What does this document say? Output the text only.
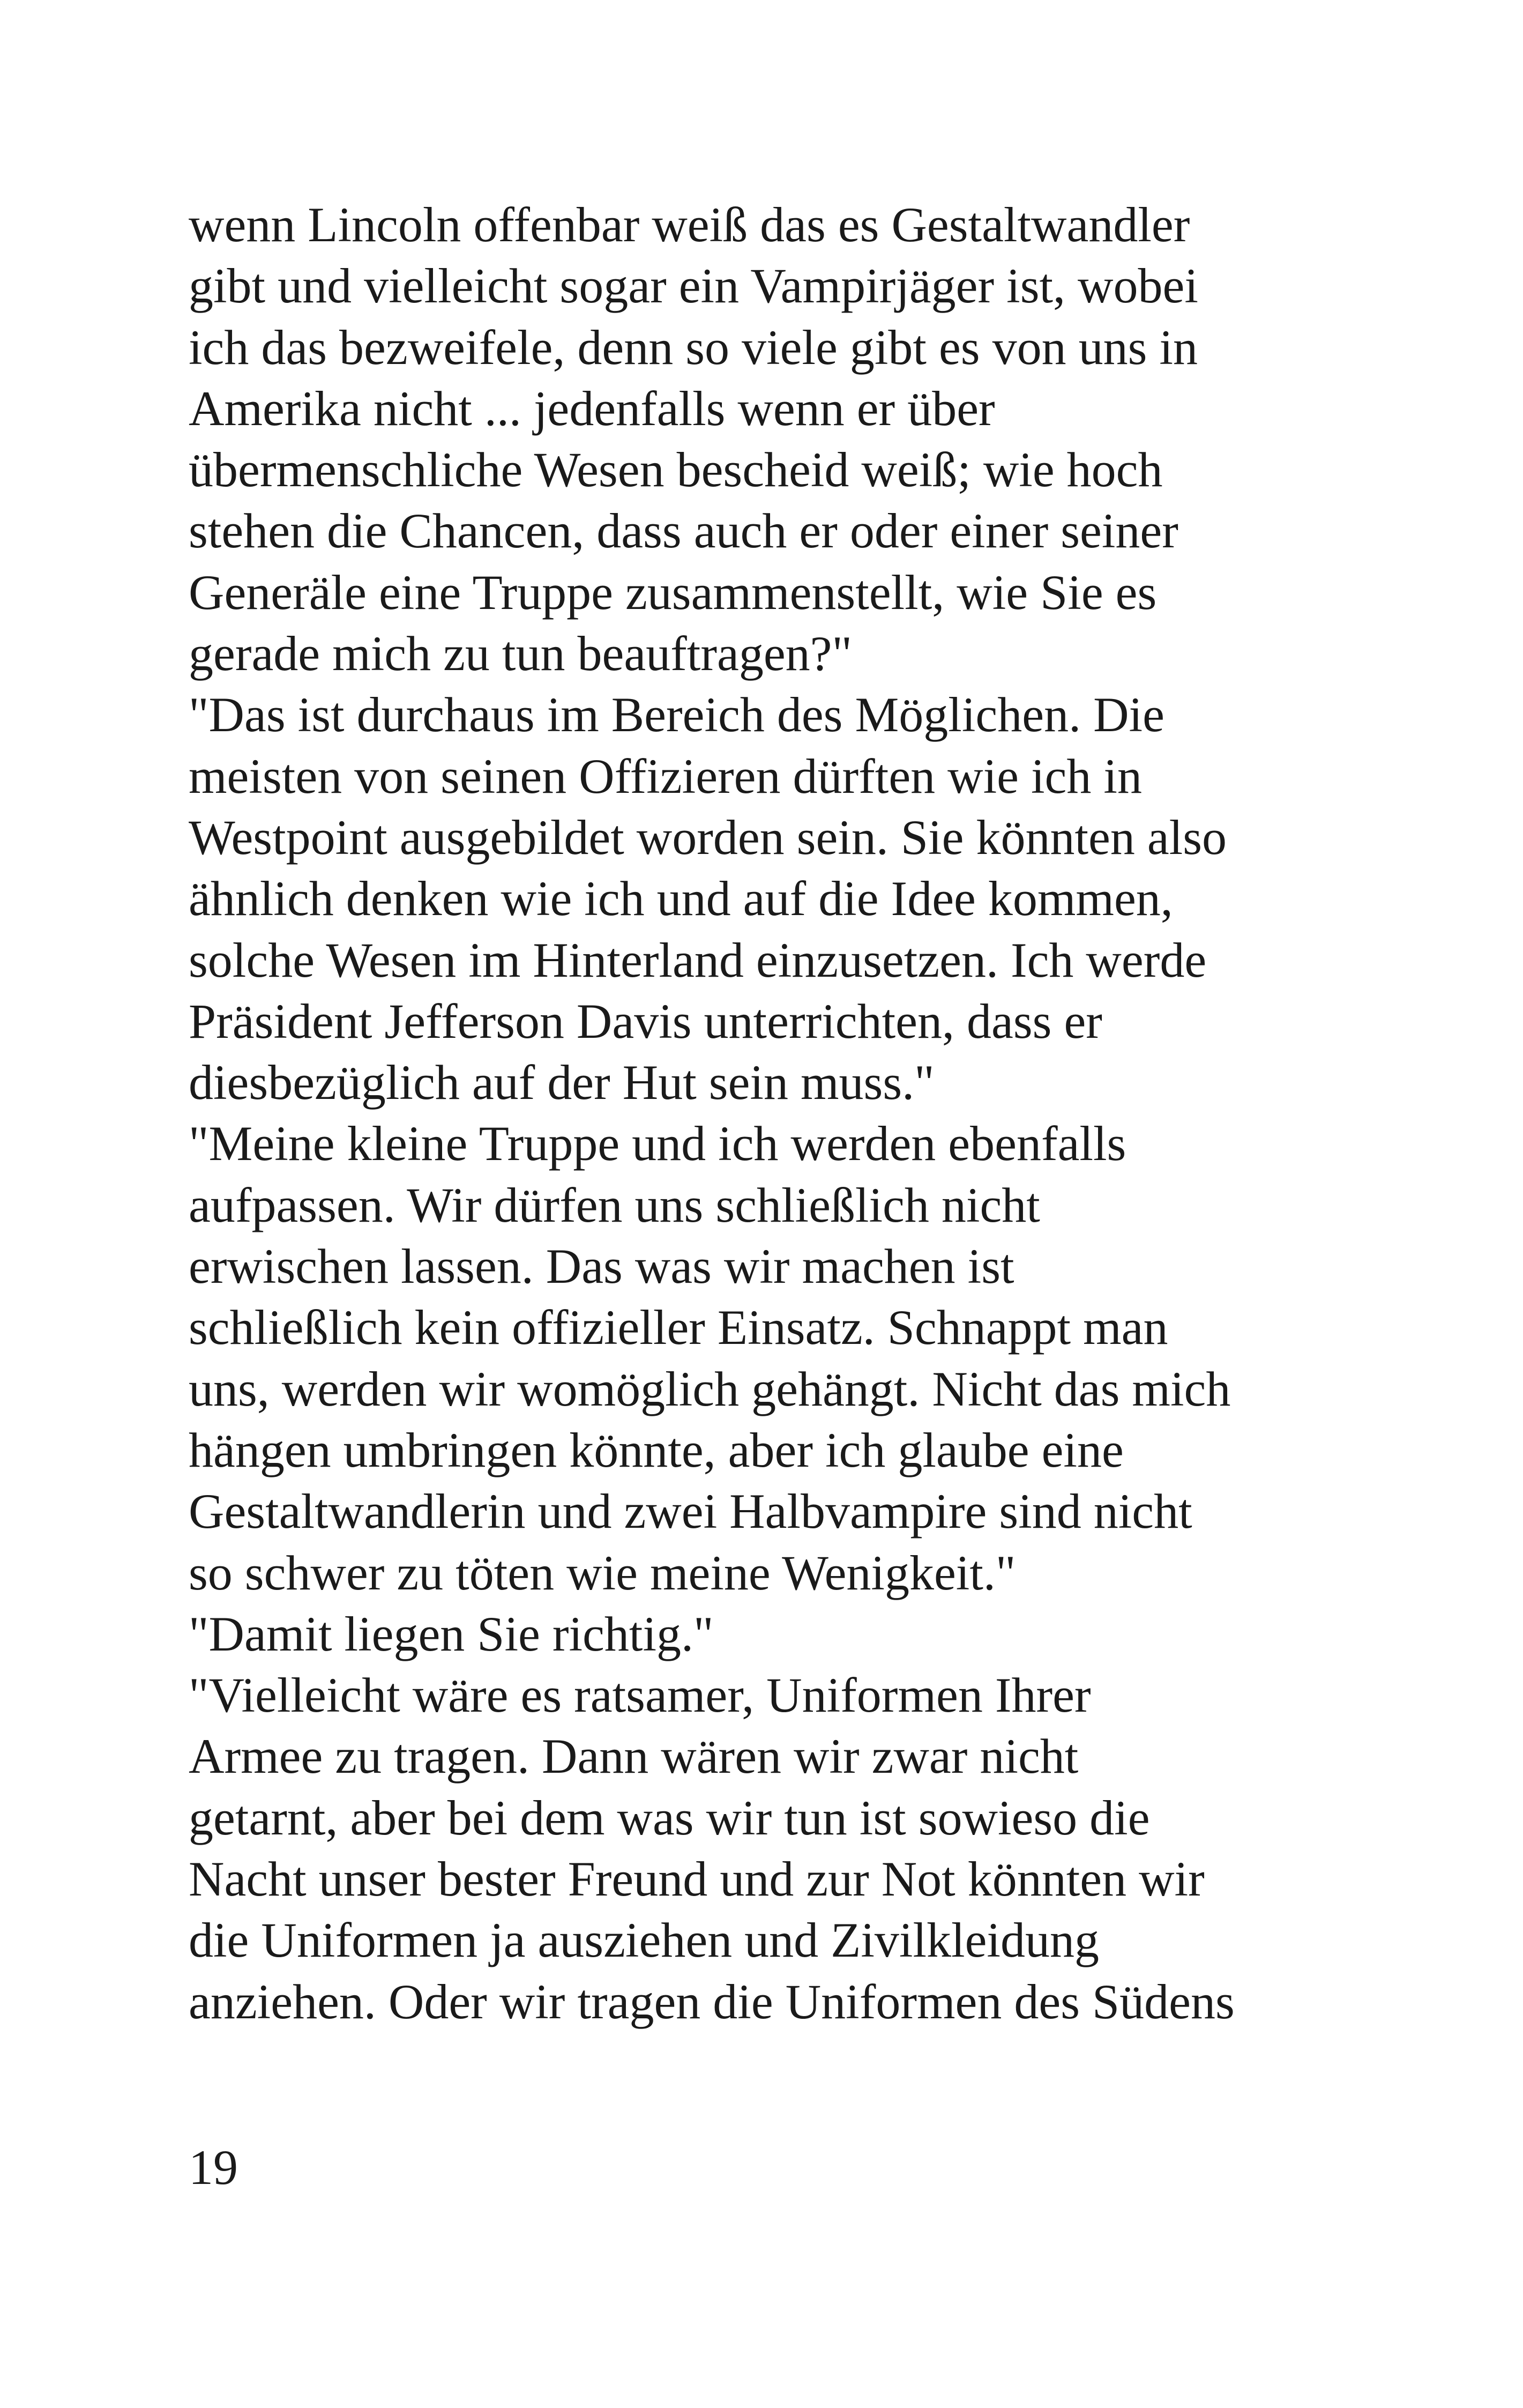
wenn Lincoln offenbar weiß das es Gestaltwandler
gibt und vielleicht sogar ein Vampirjäger ist, wobei
ich das bezweifele, denn so viele gibt es von uns in
Amerika nicht ... jedenfalls wenn er über
übermenschliche Wesen bescheid weiß; wie hoch
stehen die Chancen, dass auch er oder einer seiner
Generäle eine Truppe zusammenstellt, wie Sie es
gerade mich zu tun beauftragen?"
"Das ist durchaus im Bereich des Möglichen. Die
meisten von seinen Offizieren dürften wie ich in
Westpoint ausgebildet worden sein. Sie könnten also
ähnlich denken wie ich und auf die Idee kommen,
solche Wesen im Hinterland einzusetzen. Ich werde
Präsident Jefferson Davis unterrichten, dass er
diesbezüglich auf der Hut sein muss."
"Meine kleine Truppe und ich werden ebenfalls
aufpassen. Wir dürfen uns schließlich nicht
erwischen lassen. Das was wir machen ist
schließlich kein offizieller Einsatz. Schnappt man
uns, werden wir womöglich gehängt. Nicht das mich
hängen umbringen könnte, aber ich glaube eine
Gestaltwandlerin und zwei Halbvampire sind nicht
so schwer zu töten wie meine Wenigkeit."
"Damit liegen Sie richtig."
"Vielleicht wäre es ratsamer, Uniformen Ihrer
Armee zu tragen. Dann wären wir zwar nicht
getarnt, aber bei dem was wir tun ist sowieso die
Nacht unser bester Freund und zur Not könnten wir
die Uniformen ja ausziehen und Zivilkleidung
anziehen. Oder wir tragen die Uniformen des Südens
19
